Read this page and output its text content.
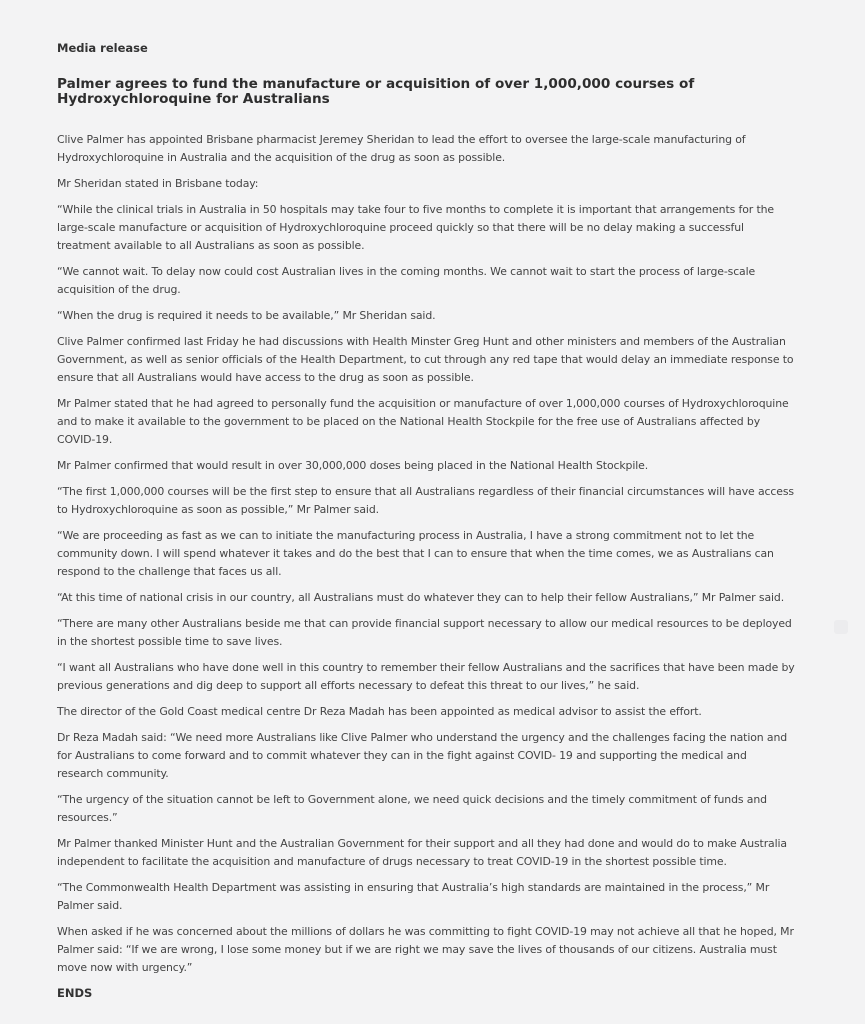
Media release
Palmer agrees to fund the manufacture or acquisition of over 1,000,000 courses of Hydroxychloroquine for Australians

Clive Palmer has appointed Brisbane pharmacist Jeremey Sheridan to lead the effort to oversee the large-scale manufacturing of Hydroxychloroquine in Australia and the acquisition of the drug as soon as possible.

Mr Sheridan stated in Brisbane today:

“While the clinical trials in Australia in 50 hospitals may take four to five months to complete it is important that arrangements for the large-scale manufacture or acquisition of Hydroxychloroquine proceed quickly so that there will be no delay making a successful treatment available to all Australians as soon as possible.

“We cannot wait. To delay now could cost Australian lives in the coming months. We cannot wait to start the process of large-scale acquisition of the drug.

“When the drug is required it needs to be available,” Mr Sheridan said.

Clive Palmer confirmed last Friday he had discussions with Health Minster Greg Hunt and other ministers and members of the Australian Government, as well as senior officials of the Health Department, to cut through any red tape that would delay an immediate response to ensure that all Australians would have access to the drug as soon as possible.

Mr Palmer stated that he had agreed to personally fund the acquisition or manufacture of over 1,000,000 courses of Hydroxychloroquine and to make it available to the government to be placed on the National Health Stockpile for the free use of Australians affected by COVID-19.

Mr Palmer confirmed that would result in over 30,000,000 doses being placed in the National Health Stockpile.

“The first 1,000,000 courses will be the first step to ensure that all Australians regardless of their financial circumstances will have access to Hydroxychloroquine as soon as possible,” Mr Palmer said.

“We are proceeding as fast as we can to initiate the manufacturing process in Australia, I have a strong commitment not to let the community down. I will spend whatever it takes and do the best that I can to ensure that when the time comes, we as Australians can respond to the challenge that faces us all.

“At this time of national crisis in our country, all Australians must do whatever they can to help their fellow Australians,” Mr Palmer said.

“There are many other Australians beside me that can provide financial support necessary to allow our medical resources to be deployed in the shortest possible time to save lives.

“I want all Australians who have done well in this country to remember their fellow Australians and the sacrifices that have been made by previous generations and dig deep to support all efforts necessary to defeat this threat to our lives,” he said.

The director of the Gold Coast medical centre Dr Reza Madah has been appointed as medical advisor to assist the effort.

Dr Reza Madah said: “We need more Australians like Clive Palmer who understand the urgency and the challenges facing the nation and for Australians to come forward and to commit whatever they can in the fight against COVID- 19 and supporting the medical and research community.

“The urgency of the situation cannot be left to Government alone, we need quick decisions and the timely commitment of funds and resources.”

Mr Palmer thanked Minister Hunt and the Australian Government for their support and all they had done and would do to make Australia independent to facilitate the acquisition and manufacture of drugs necessary to treat COVID-19 in the shortest possible time.

“The Commonwealth Health Department was assisting in ensuring that Australia’s high standards are maintained in the process,” Mr Palmer said.

When asked if he was concerned about the millions of dollars he was committing to fight COVID-19 may not achieve all that he hoped, Mr Palmer said: “If we are wrong, I lose some money but if we are right we may save the lives of thousands of our citizens. Australia must move now with urgency.”

ENDS
